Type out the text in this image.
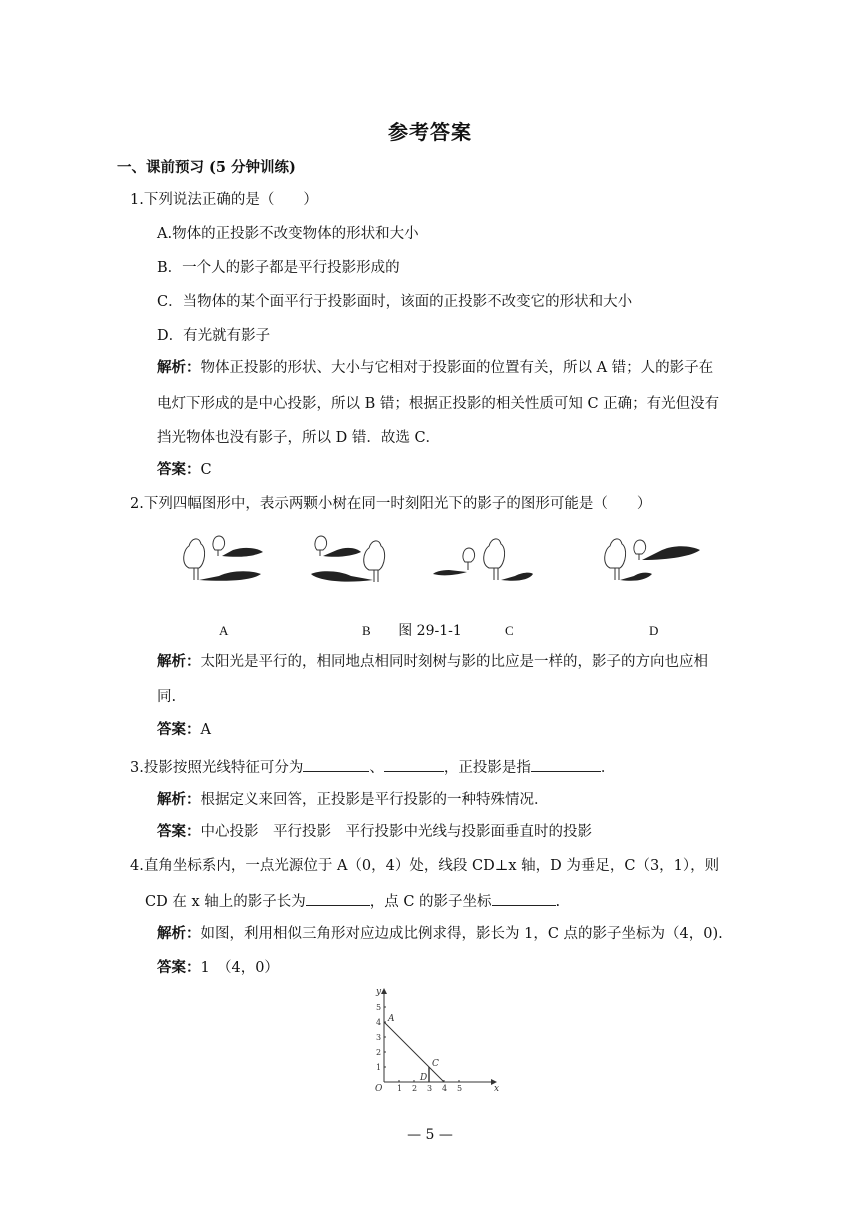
参考答案
一、课前预习 (5 分钟训练)
1.下列说法正确的是（　　）
A.物体的正投影不改变物体的形状和大小
B．一个人的影子都是平行投影形成的
C．当物体的某个面平行于投影面时，该面的正投影不改变它的形状和大小
D．有光就有影子
解析：物体正投影的形状、大小与它相对于投影面的位置有关，所以 A 错；人的影子在
电灯下形成的是中心投影，所以 B 错；根据正投影的相关性质可知 C 正确；有光但没有
挡光物体也没有影子，所以 D 错．故选 C．
答案：C
2.下列四幅图形中，表示两颗小树在同一时刻阳光下的影子的图形可能是（　　）
A	B	C	D
图 29-1-1
解析：太阳光是平行的，相同地点相同时刻树与影的比应是一样的，影子的方向也应相
同.
答案：A
3.投影按照光线特征可分为	、	，正投影是指	．
解析：根据定义来回答，正投影是平行投影的一种特殊情况．
答案：中心投影　平行投影　平行投影中光线与投影面垂直时的投影
4.直角坐标系内，一点光源位于 A（0，4）处，线段 CD⊥x 轴，D 为垂足，C（3，1），则
CD 在 x 轴上的影子长为	，点 C 的影子坐标	.
解析：如图，利用相似三角形对应边成比例求得，影长为 1，C 点的影子坐标为（4，0).
答案：1　（4，0）
O	x
y
A
C
D
1 2 3 4 5
1
2
3
4
5
— 5 —
